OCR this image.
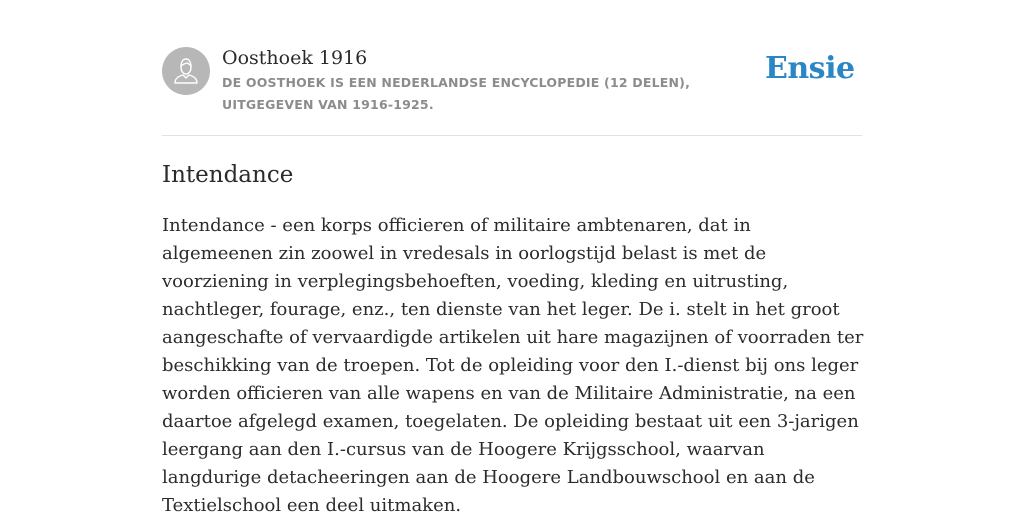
Oosthoek 1916
DE OOSTHOEK IS EEN NEDERLANDSE ENCYCLOPEDIE (12 DELEN), UITGEGEVEN VAN 1916-1925.
Ensie
Intendance

Intendance - een korps officieren of militaire ambtenaren, dat in algemeenen zin zoowel in vredesals in oorlogstijd belast is met de voorziening in verplegingsbehoeften, voeding, kleding en uitrusting, nachtleger, fourage, enz., ten dienste van het leger. De i. stelt in het groot aangeschafte of vervaardigde artikelen uit hare magazijnen of voorraden ter beschikking van de troepen. Tot de opleiding voor den I.-dienst bij ons leger worden officieren van alle wapens en van de Militaire Administratie, na een daartoe afgelegd examen, toegelaten. De opleiding bestaat uit een 3-jarigen leergang aan den I.-cursus van de Hoogere Krijgsschool, waarvan langdurige detacheeringen aan de Hoogere Landbouwschool en aan de Textielschool een deel uitmaken.
